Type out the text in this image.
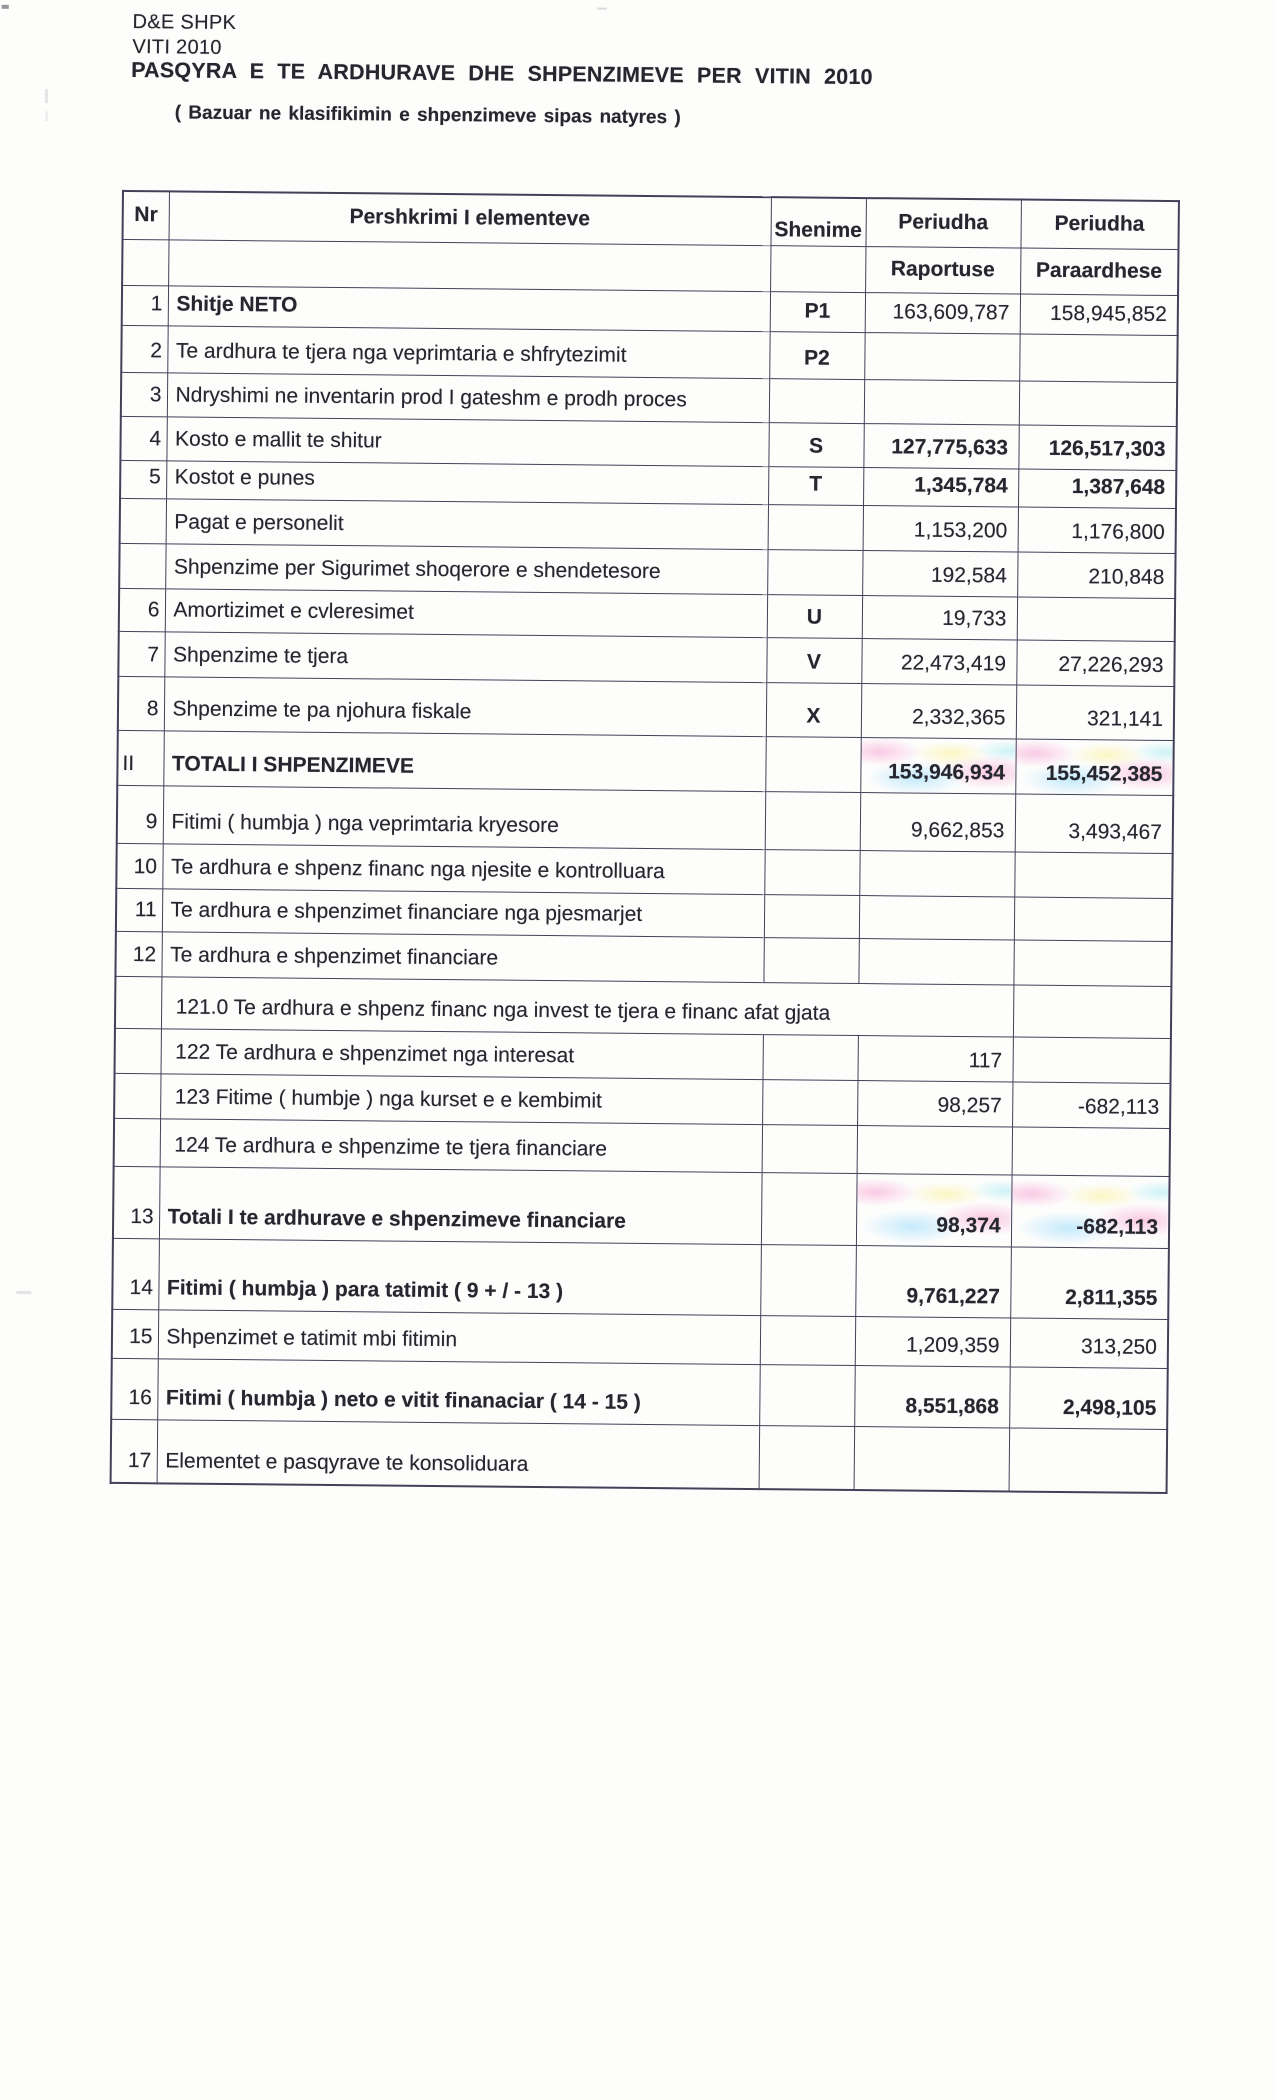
D&E SHPK
VITI 2010
PASQYRA E TE ARDHURAVE DHE SHPENZIMEVE PER VITIN 2010
( Bazuar ne klasifikimin e shpenzimeve sipas natyres )
Nr	Pershkrimi I elementeve	Shenime	Periudha	Periudha
			Raportuse	Paraardhese
1	Shitje NETO	P1	163,609,787	158,945,852
2	Te ardhura te tjera nga veprimtaria e shfrytezimit	P2		
3	Ndryshimi ne inventarin prod I gateshm e prodh proces			
4	Kosto e mallit te shitur	S	127,775,633	126,517,303
5	Kostot e punes	T	1,345,784	1,387,648
	Pagat e personelit		1,153,200	1,176,800
	Shpenzime per Sigurimet shoqerore e shendetesore		192,584	210,848
6	Amortizimet e cvleresimet	U	19,733	
7	Shpenzime te tjera	V	22,473,419	27,226,293
8	Shpenzime te pa njohura fiskale	X	2,332,365	321,141
II	TOTALI I SHPENZIMEVE		153,946,934	155,452,385
9	Fitimi ( humbja ) nga veprimtaria kryesore		9,662,853	3,493,467
10	Te ardhura e shpenz financ nga njesite e kontrolluara			
11	Te ardhura e shpenzimet financiare nga pjesmarjet			
12	Te ardhura e shpenzimet financiare			
	121.0 Te ardhura e shpenz financ nga invest te tjera e financ afat gjata			
	122 Te ardhura e shpenzimet nga interesat		117	
	123 Fitime ( humbje ) nga kurset e e kembimit		98,257	-682,113
	124 Te ardhura e shpenzime te tjera financiare			
13	Totali I te ardhurave e shpenzimeve financiare		98,374	-682,113
14	Fitimi ( humbja ) para tatimit ( 9 + / - 13 )		9,761,227	2,811,355
15	Shpenzimet e tatimit mbi fitimin		1,209,359	313,250
16	Fitimi ( humbja ) neto e vitit finanaciar ( 14 - 15 )		8,551,868	2,498,105
17	Elementet e pasqyrave te konsoliduara			
